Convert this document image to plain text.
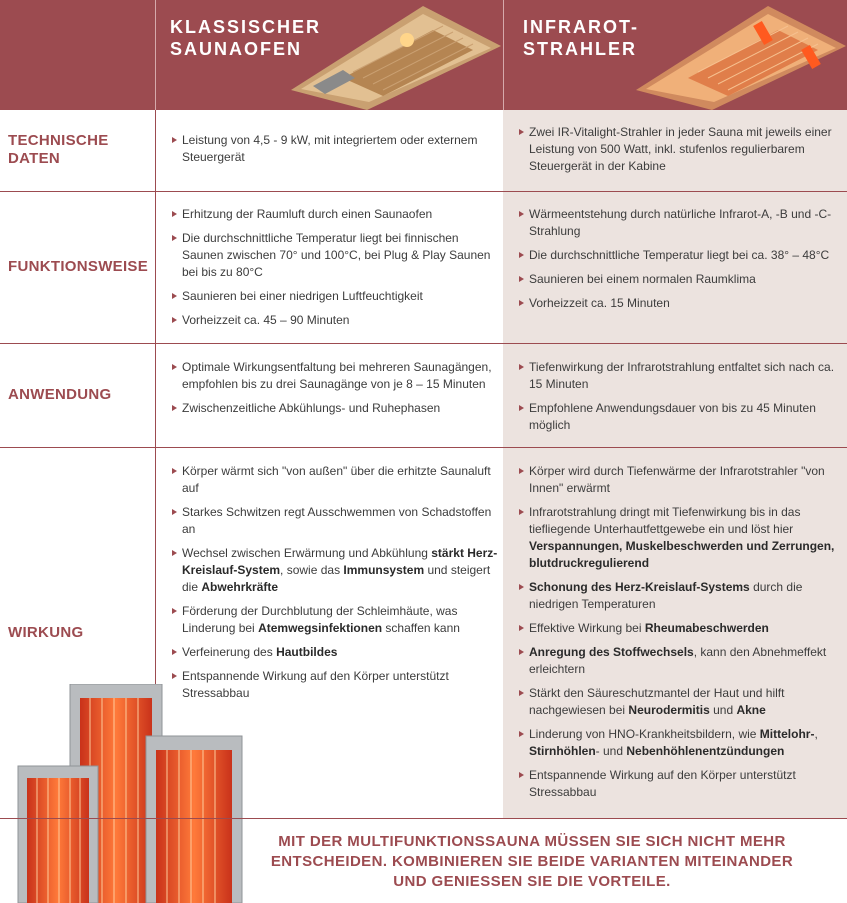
KLASSISCHER
SAUNAOFEN
INFRAROT-
STRAHLER
Leistung von 4,5 - 9 kW, mit integriertem oder externem Steuergerät
Zwei IR-Vitalight-Strahler in jeder Sauna mit jeweils einer Leistung von 500 Watt, inkl. stufenlos regulierbarem Steuergerät in der Kabine
TECHNISCHE DATEN
Erhitzung der Raumluft durch einen Saunaofen
Die durchschnittliche Temperatur liegt bei finnischen Saunen zwischen 70° und 100°C, bei Plug & Play Saunen bei bis zu 80°C
Saunieren bei einer niedrigen Luftfeuchtigkeit
Vorheizzeit ca. 45 – 90 Minuten
Wärmeentstehung durch natürliche Infrarot-A, -B und -C-Strahlung
Die durchschnittliche Temperatur liegt bei ca. 38° – 48°C
Saunieren bei einem normalen Raumklima
Vorheizzeit ca. 15 Minuten
FUNKTIONSWEISE
Optimale Wirkungsentfaltung bei mehreren Saunagängen, empfohlen bis zu drei Saunagänge von je 8 – 15 Minuten
Zwischenzeitliche Abkühlungs- und Ruhephasen
Tiefenwirkung der Infrarotstrahlung entfaltet sich nach ca. 15 Minuten
Empfohlene Anwendungsdauer von bis zu 45 Minuten möglich
ANWENDUNG
Körper wärmt sich "von außen" über die erhitzte Saunaluft auf
Starkes Schwitzen regt Ausschwemmen von Schadstoffen an
Wechsel zwischen Erwärmung und Abkühlung stärkt Herz-Kreislauf-System, sowie das Immunsystem und steigert die Abwehrkräfte
Förderung der Durchblutung der Schleimhäute, was Linderung bei Atemwegsinfektionen schaffen kann
Verfeinerung des Hautbildes
Entspannende Wirkung auf den Körper unterstützt Stressabbau
Körper wird durch Tiefenwärme der Infrarotstrahler "von Innen" erwärmt
Infrarotstrahlung dringt mit Tiefenwirkung bis in das tiefliegende Unterhautfettgewebe ein und löst hier Verspannungen, Muskelbeschwerden und Zerrungen, blutdruckregulierend
Schonung des Herz-Kreislauf-Systems durch die niedrigen Temperaturen
Effektive Wirkung bei Rheumabeschwerden
Anregung des Stoffwechsels, kann den Abnehmeffekt erleichtern
Stärkt den Säureschutzmantel der Haut und hilft nachgewiesen bei Neurodermitis und Akne
Linderung von HNO-Krankheitsbildern, wie Mittelohr-, Stirnhöhlen- und Nebenhöhlenentzündungen
Entspannende Wirkung auf den Körper unterstützt Stressabbau
WIRKUNG
MIT DER MULTIFUNKTIONSSAUNA MÜSSEN SIE SICH NICHT MEHR ENTSCHEIDEN. KOMBINIEREN SIE BEIDE VARIANTEN MITEINANDER UND GENIESSEN SIE DIE VORTEILE.
